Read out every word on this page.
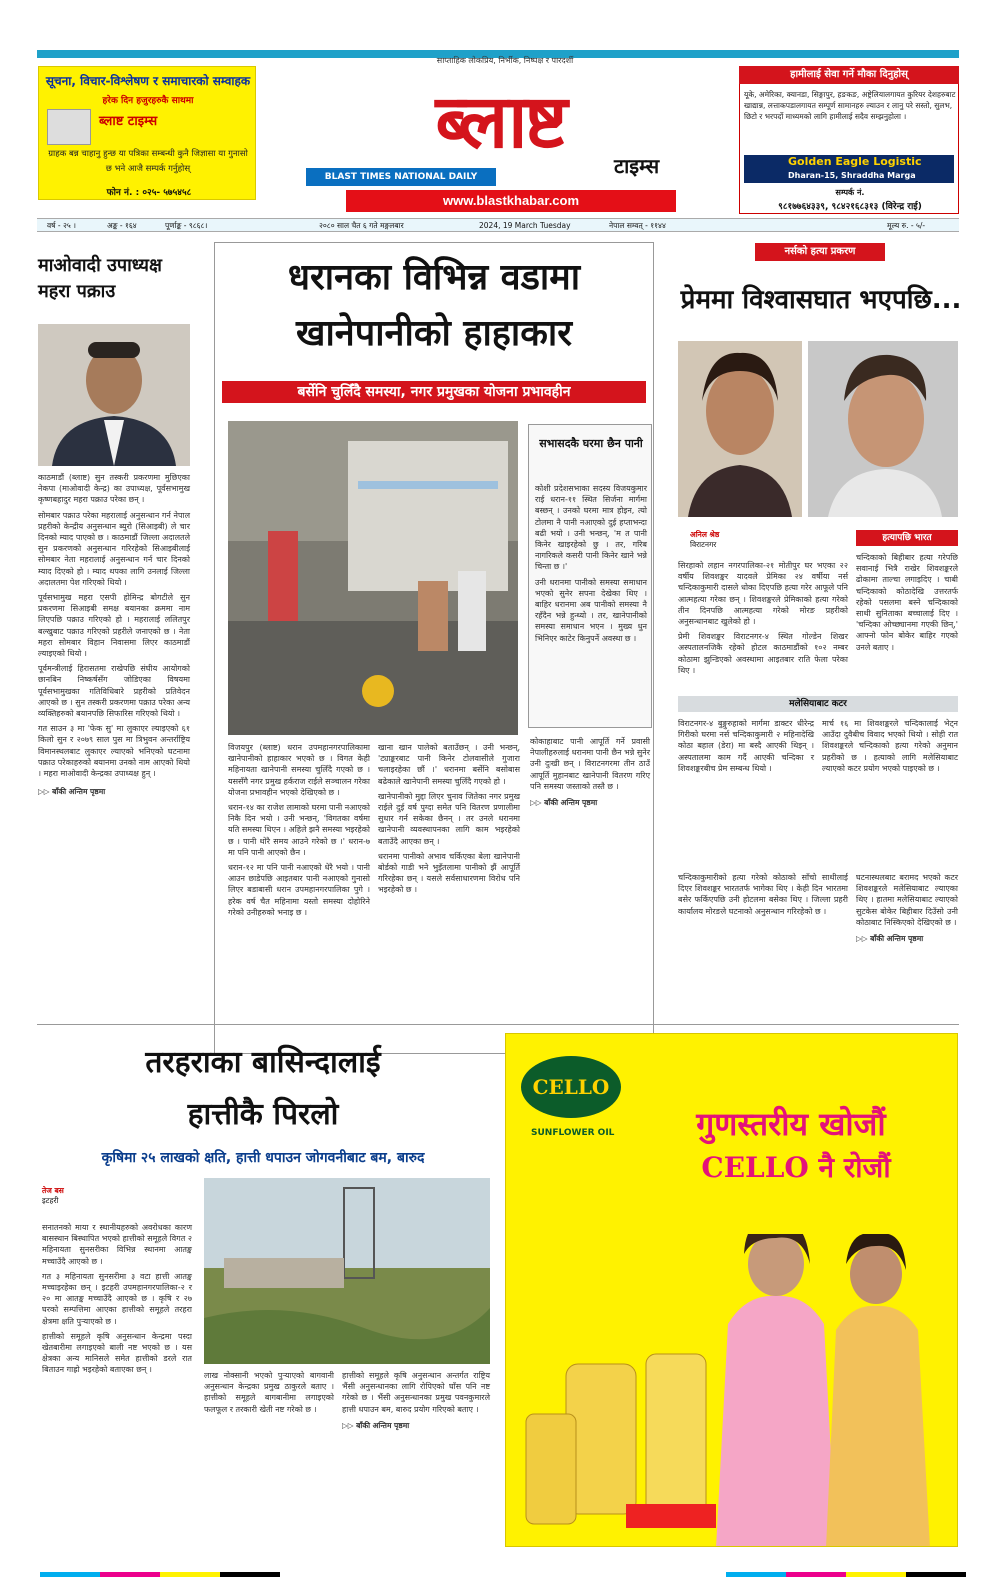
साप्ताहिक लोकप्रिय, निर्भीक, निष्पक्ष र पारदर्शी
सूचना, विचार-विश्लेषण र समाचारको सम्वाहक
हरेक दिन हजुरहरुकै साथमा
ब्लाष्ट टाइम्स
ग्राहक बन्न चाहानु हुन्छ या पत्रिका सम्बन्धी कुनै जिज्ञासा या गुनासो छ भने आजै सम्पर्क गर्नुहोस्
फोन नं. : ०२५- ५७५४५८
ब्लाष्ट
BLAST TIMES NATIONAL DAILY	टाइम्स
www.blastkhabar.com
हामीलाई सेवा गर्ने मौका दिनुहोस्
यूके, अमेरिका, क्यानडा, सिङ्गापुर, हङकङ, अष्ट्रेलियालगायत कुरियर देशहरुबाट खाद्यान्न, लत्ताकपडालगायत सम्पूर्ण सामानहरु ल्याउन र लानु परे सस्तो, सुलभ, छिटो र भरपर्दो माध्यमको लागि हामीलाई सदैव सम्झनुहोला ।
Golden Eagle Logistic
Dharan-15, Shraddha Marga
सम्पर्क नं.
९८१७७६४३३९, ९८४२१६८३१३ (विरेन्द्र राई)
वर्ष - २५ ।	अङ्क - १६४	पूर्णाङ्क - ९८६८।	२०८० साल चैत ६ गते मङ्गलबार	2024, 19 March Tuesday	नेपाल सम्वत् - ११४४	मूल्य रु. - ५/-
माओवादी उपाध्यक्ष महरा पक्राउ

काठमाडौं (ब्लाष्ट) सुन तस्करी प्रकरणमा मुछिएका नेकपा (माओवादी केन्द्र) का उपाध्यक्ष, पूर्वसभामुख कृष्णबहादुर महरा पक्राउ परेका छन् ।

सोमबार पक्राउ परेका महरालाई अनुसन्धान गर्न नेपाल प्रहरीको केन्द्रीय अनुसन्धान ब्युरो (सिआइबी) ले चार दिनको म्याद पाएको छ । काठमाडौं जिल्ला अदालतले सुन प्रकरणको अनुसन्धान गरिरहेको सिआइबीलाई सोमबार नेता महरालाई अनुसन्धान गर्न चार दिनको म्याद दिएको हो । म्याद थपका लागि उनलाई जिल्ला अदालतमा पेश गरिएको थियो ।

पूर्वसभामुख महरा एसपी होमिन्द्र बोगटीले सुन प्रकरणमा सिआइबी समक्ष बयानका क्रममा नाम लिएपछि पक्राउ गरिएको हो । महरालाई ललितपुर बल्खुबाट पक्राउ गरिएको प्रहरीले जनाएको छ । नेता महरा सोमबार विहान निवासमा लिएर काठमाडौं ल्याइएको थियो ।

पूर्वमन्त्रीलाई हिरासतमा राखेपछि संघीय आयोगको छानबिन निष्कर्षसँग जोडिएका विषयमा पूर्वसभामुखका गतिविधिबारे प्रहरीको प्रतिवेदन आएको छ । सुन तस्करी प्रकरणमा पक्राउ परेका अन्य व्यक्तिहरुको बयानपछि सिफारिस गरिएको थियो ।

गत साउन ३ मा 'फेक सु' मा लुकाएर ल्याइएको ६१ किलो सुन र २०७९ साल पुस मा त्रिभुवन अन्तर्राष्ट्रिय विमानस्थलबाट लुकाएर ल्याएको भनिएको घटनामा पक्राउ परेकाहरुको बयानमा उनको नाम आएको थियो । महरा माओवादी केन्द्रका उपाध्यक्ष हुन् ।

▷▷ बाँकी अन्तिम पृष्ठमा
धरानका विभिन्न वडामा खानेपानीको हाहाकार
बर्सेनि चुलिँदै समस्या, नगर प्रमुखका योजना प्रभावहीन
सभासदकै घरमा छैन पानी

कोशी प्रदेशसभाका सदस्य विजयकुमार राई धरान-११ स्थित सिर्जना मार्गमा बस्छन् । उनको घरमा मात्र होइन, त्यो टोलमा नै पानी नआएको दुई हप्ताभन्दा बढी भयो । उनी भन्छन्, 'म त पानी किनेर खाइरहेको छु । तर, गरिब नागरिकले कसरी पानी किनेर खाने भन्ने चिन्ता छ ।'

उनी धरानमा पानीको समस्या समाधान भएको सुनेर सपना देखेका थिए । बाहिर धरानमा अब पानीको समस्या नै रहँदैन भन्ने हुन्थ्यो । तर, खानेपानीको समस्या समाधान भएन । मुख्य धुन भिनिएर काटेर किनुपर्ने अवस्था छ ।

कोकाहाबाट पानी आपूर्ति गर्ने प्रवासी नेपालीहरुलाई धरानमा पानी छैन भन्ने सुनेर उनी दुःखी छन् । विराटनगरमा तीन ठाउँ आपूर्ति मुहानबाट खानेपानी वितरण गरिए पनि समस्या जस्ताको तस्तै छ ।

▷▷ बाँकी अन्तिम पृष्ठमा

विजयपुर (ब्लाष्ट) धरान उपमहानगरपालिकामा खानेपानीको हाहाकार भएको छ । विगत केही महिनायता खानेपानी समस्या चुलिँदै गएको छ । यससँगै नगर प्रमुख हर्कराज राईले सञ्चालन गरेका योजना प्रभावहीन भएको देखिएको छ ।

धरान-१४ का राजेश लामाको घरमा पानी नआएको निकै दिन भयो । उनी भन्छन्, 'विगतका वर्षमा यति समस्या थिएन । अहिले झनै समस्या भइरहेको छ । पानी थोरै समय आउने गरेको छ ।' धरान-७ मा पनि पानी आएको छैन ।

धरान-१२ मा पनि पानी नआएको धेरै भयो । पानी आउन छाडेपछि आइतबार पानी नआएको गुनासो लिएर बडाबासी धरान उपमहानगरपालिका पुगे । हरेक वर्ष चैत महिनामा यस्तो समस्या दोहोरिने गरेको उनीहरुको भनाइ छ ।

खाना खान पालेको बताउँछन् । उनी भन्छन्, 'ट्याङ्करबाट पानी किनेर टोलवासीले गुजारा चलाइरहेका छौं ।' धरानमा बर्सेनि बसोबास बढेकाले खानेपानी समस्या चुलिँदै गएको हो ।

खानेपानीको मुद्दा लिएर चुनाव जितेका नगर प्रमुख राईले दुई वर्ष पुग्दा समेत पनि वितरण प्रणालीमा सुधार गर्न सकेका छैनन् । तर उनले धरानमा खानेपानी व्यवस्थापनका लागि काम भइरहेको बताउँदै आएका छन् ।

धरानमा पानीको अभाव चर्किएका बेला खानेपानी बोर्डको गाडी भने भुइँतलामा पानीको झैं आपूर्ति गरिरहेका छन् । यसले सर्वसाधारणमा विरोध पनि भइरहेको छ ।

नर्सको हत्या प्रकरण
प्रेममा विश्वासघात भएपछि...
अनिल श्रेष्ठ
विराटनगर
हत्यापछि भारत

सिरहाको लहान नगरपालिका-२१ मोतीपुर घर भएका २२ वर्षीय शिवशङ्कर यादवले प्रेमिका २४ वर्षीया नर्स चन्दिकाकुमारी दासले धोका दिएपछि हत्या गरेर आफूले पनि आत्महत्या गरेका छन् । शिवशङ्करले प्रेमिकाको हत्या गरेको तीन दिनपछि आत्महत्या गरेको मोरङ प्रहरीको अनुसन्धानबाट खुलेको हो ।

प्रेमी शिवशङ्कर विराटनगर-४ स्थित गोल्डेन शिखर अस्पतालनजिकै रहेको होटल काठमाडौंको १०२ नम्बर कोठामा झुन्डिएको अवस्थामा आइतबार राति फेला परेका थिए ।

चन्दिकाको बिहीबार हत्या गरेपछि सवानाई भित्रै राखेर शिवशङ्करले ढोकामा ताल्चा लगाइदिए । चाबी चन्दिकाको कोठादेखि उत्तरतर्फ रहेको पसलमा बस्ने चन्दिकाको साथी सुनिताका बच्चालाई दिए । 'चन्दिका ओच्छ्यानमा गएकी छिन्,' आफ्नो फोन बोकेर बाहिर गएको उनले बताए ।

मलेसियाबाट कटर

विराटनगर-४ बुङ्गुरुहाको मार्गमा डाक्टर धीरेन्द्र गिरीको घरमा नर्स चन्दिकाकुमारी २ महिनादेखि कोठा बहाल (डेरा) मा बस्दै आएकी थिइन् । अस्पतालमा काम गर्दै आएकी चन्दिका र शिवशङ्करबीच प्रेम सम्बन्ध थियो ।

मार्च १६ मा शिवशङ्करले चन्दिकालाई भेट्न आउँदा दुवैबीच विवाद भएको थियो । सोही रात शिवशङ्करले चन्दिकाको हत्या गरेको अनुमान प्रहरीको छ । हत्याको लागि मलेसियाबाट ल्याएको कटर प्रयोग भएको पाइएको छ ।

चन्दिकाकुमारीको हत्या गरेको कोठाको साँचो साथीलाई दिएर शिवशङ्कर भारततर्फ भागेका थिए । केही दिन भारतमा बसेर फर्किएपछि उनी होटलमा बसेका थिए । जिल्ला प्रहरी कार्यालय मोरङले घटनाको अनुसन्धान गरिरहेको छ ।

घटनास्थलबाट बरामद भएको कटर शिवशङ्करले मलेसियाबाट ल्याएका थिए । हातमा मलेसियाबाट ल्याएको सुटकेस बोकेर बिहीबार दिउँसो उनी कोठाबाट निस्किएको देखिएको छ ।

▷▷ बाँकी अन्तिम पृष्ठमा
तरहराका बासिन्दालाई
हात्तीकै पिरलो
कृषिमा २५ लाखको क्षति, हात्ती धपाउन जोगवनीबाट बम, बारुद
तेज बस
इटहरी

सनातनको माया र स्थानीयहरुको अवरोधका कारण बासस्थान बिस्थापित भएको हात्तीको समूहले विगत २ महिनायता सुनसरीका विभिन्न स्थानमा आतङ्क मच्चाउँदै आएको छ ।

गत ३ महिनायता सुनसरीमा ३ वटा हात्ती आतङ्क मच्चाइरहेका छन् । इटहरी उपमहानगरपालिका-२ र २० मा आतङ्क मच्चाउँदै आएको छ । कृषि र २७ घरको सम्पत्तिमा आएका हात्तीको समूहले तरहरा क्षेत्रमा क्षति पुर्‍याएको छ ।

हात्तीको समूहले कृषि अनुसन्धान केन्द्रमा पस्दा खेतबारीमा लगाइएको बाली नष्ट भएको छ । यस क्षेत्रका अन्य मानिसले समेत हात्तीको डरले रात बिताउन गाह्रो भइरहेको बताएका छन् ।

लाख नोक्सानी भएको पुऱ्याएको बागवानी अनुसन्धान केन्द्रका प्रमुख ठाकुरले बताए । हात्तीको समूहले बागबानीमा लगाइएको फलफूल र तरकारी खेती नष्ट गरेको छ ।

हात्तीको समूहले कृषि अनुसन्धान अन्तर्गत राष्ट्रिय भैंसी अनुसन्धानका लागि रोपिएको घाँस पनि नष्ट गरेको छ । भैंसी अनुसन्धानका प्रमुख पवनकुमारले हात्ती धपाउन बम, बारुद प्रयोग गरिएको बताए ।

▷▷ बाँकी अन्तिम पृष्ठमा
CELLO
SUNFLOWER OIL	गुणस्तरीय खोजौं
CELLO नै रोजौं
